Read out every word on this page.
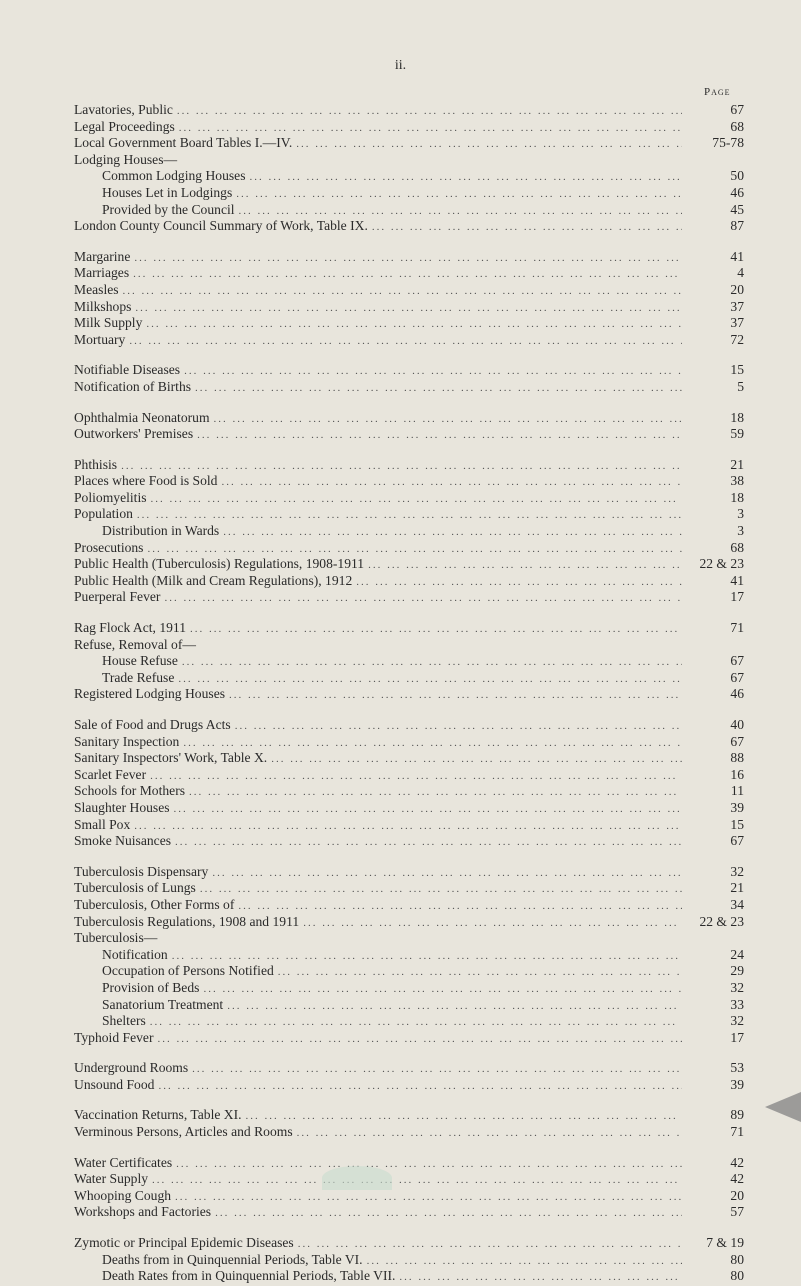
ii.
Page
Lavatories, Public ... .	67
Legal Proceedings ... .	68
Local Government Board Tables I.—IV. ... .	75-78
Lodging Houses—
Common Lodging Houses ... .	50
Houses Let in Lodgings ... .	46
Provided by the Council ... .	45
London County Council Summary of Work, Table IX. ... .	87
Margarine ... .	41
Marriages ... .	4
Measles ... .	20
Milkshops ... .	37
Milk Supply ... .	37
Mortuary ... .	72
Notifiable Diseases ... .	15
Notification of Births ... .	5
Ophthalmia Neonatorum ... .	18
Outworkers' Premises ... .	59
Phthisis ... .	21
Places where Food is Sold ... .	38
Poliomyelitis ... .	18
Population ... .	3
Distribution in Wards ... .	3
Prosecutions ... .	68
Public Health (Tuberculosis) Regulations, 1908-1911 ... .	22 & 23
Public Health (Milk and Cream Regulations), 1912 ... .	41
Puerperal Fever ... .	17
Rag Flock Act, 1911 ... .	71
Refuse, Removal of—
House Refuse ... .	67
Trade Refuse ... .	67
Registered Lodging Houses ... .	46
Sale of Food and Drugs Acts ... .	40
Sanitary Inspection ... .	67
Sanitary Inspectors' Work, Table X. ... .	88
Scarlet Fever ... .	16
Schools for Mothers ... .	11
Slaughter Houses ... .	39
Small Pox ... .	15
Smoke Nuisances ... .	67
Tuberculosis Dispensary ... .	32
Tuberculosis of Lungs ... .	21
Tuberculosis, Other Forms of ... .	34
Tuberculosis Regulations, 1908 and 1911 ... .	22 & 23
Tuberculosis—
Notification ... .	24
Occupation of Persons Notified ... .	29
Provision of Beds ... .	32
Sanatorium Treatment ... .	33
Shelters ... .	32
Typhoid Fever ... .	17
Underground Rooms ... .	53
Unsound Food ... .	39
Vaccination Returns, Table XI. ... .	89
Verminous Persons, Articles and Rooms ... .	71
Water Certificates ... .	42
Water Supply ... .	42
Whooping Cough ... .	20
Workshops and Factories ... .	57
Zymotic or Principal Epidemic Diseases ... .	7 & 19
Deaths from in Quinquennial Periods, Table VI. ... .	80
Death Rates from in Quinquennial Periods, Table VII. ... .	80
